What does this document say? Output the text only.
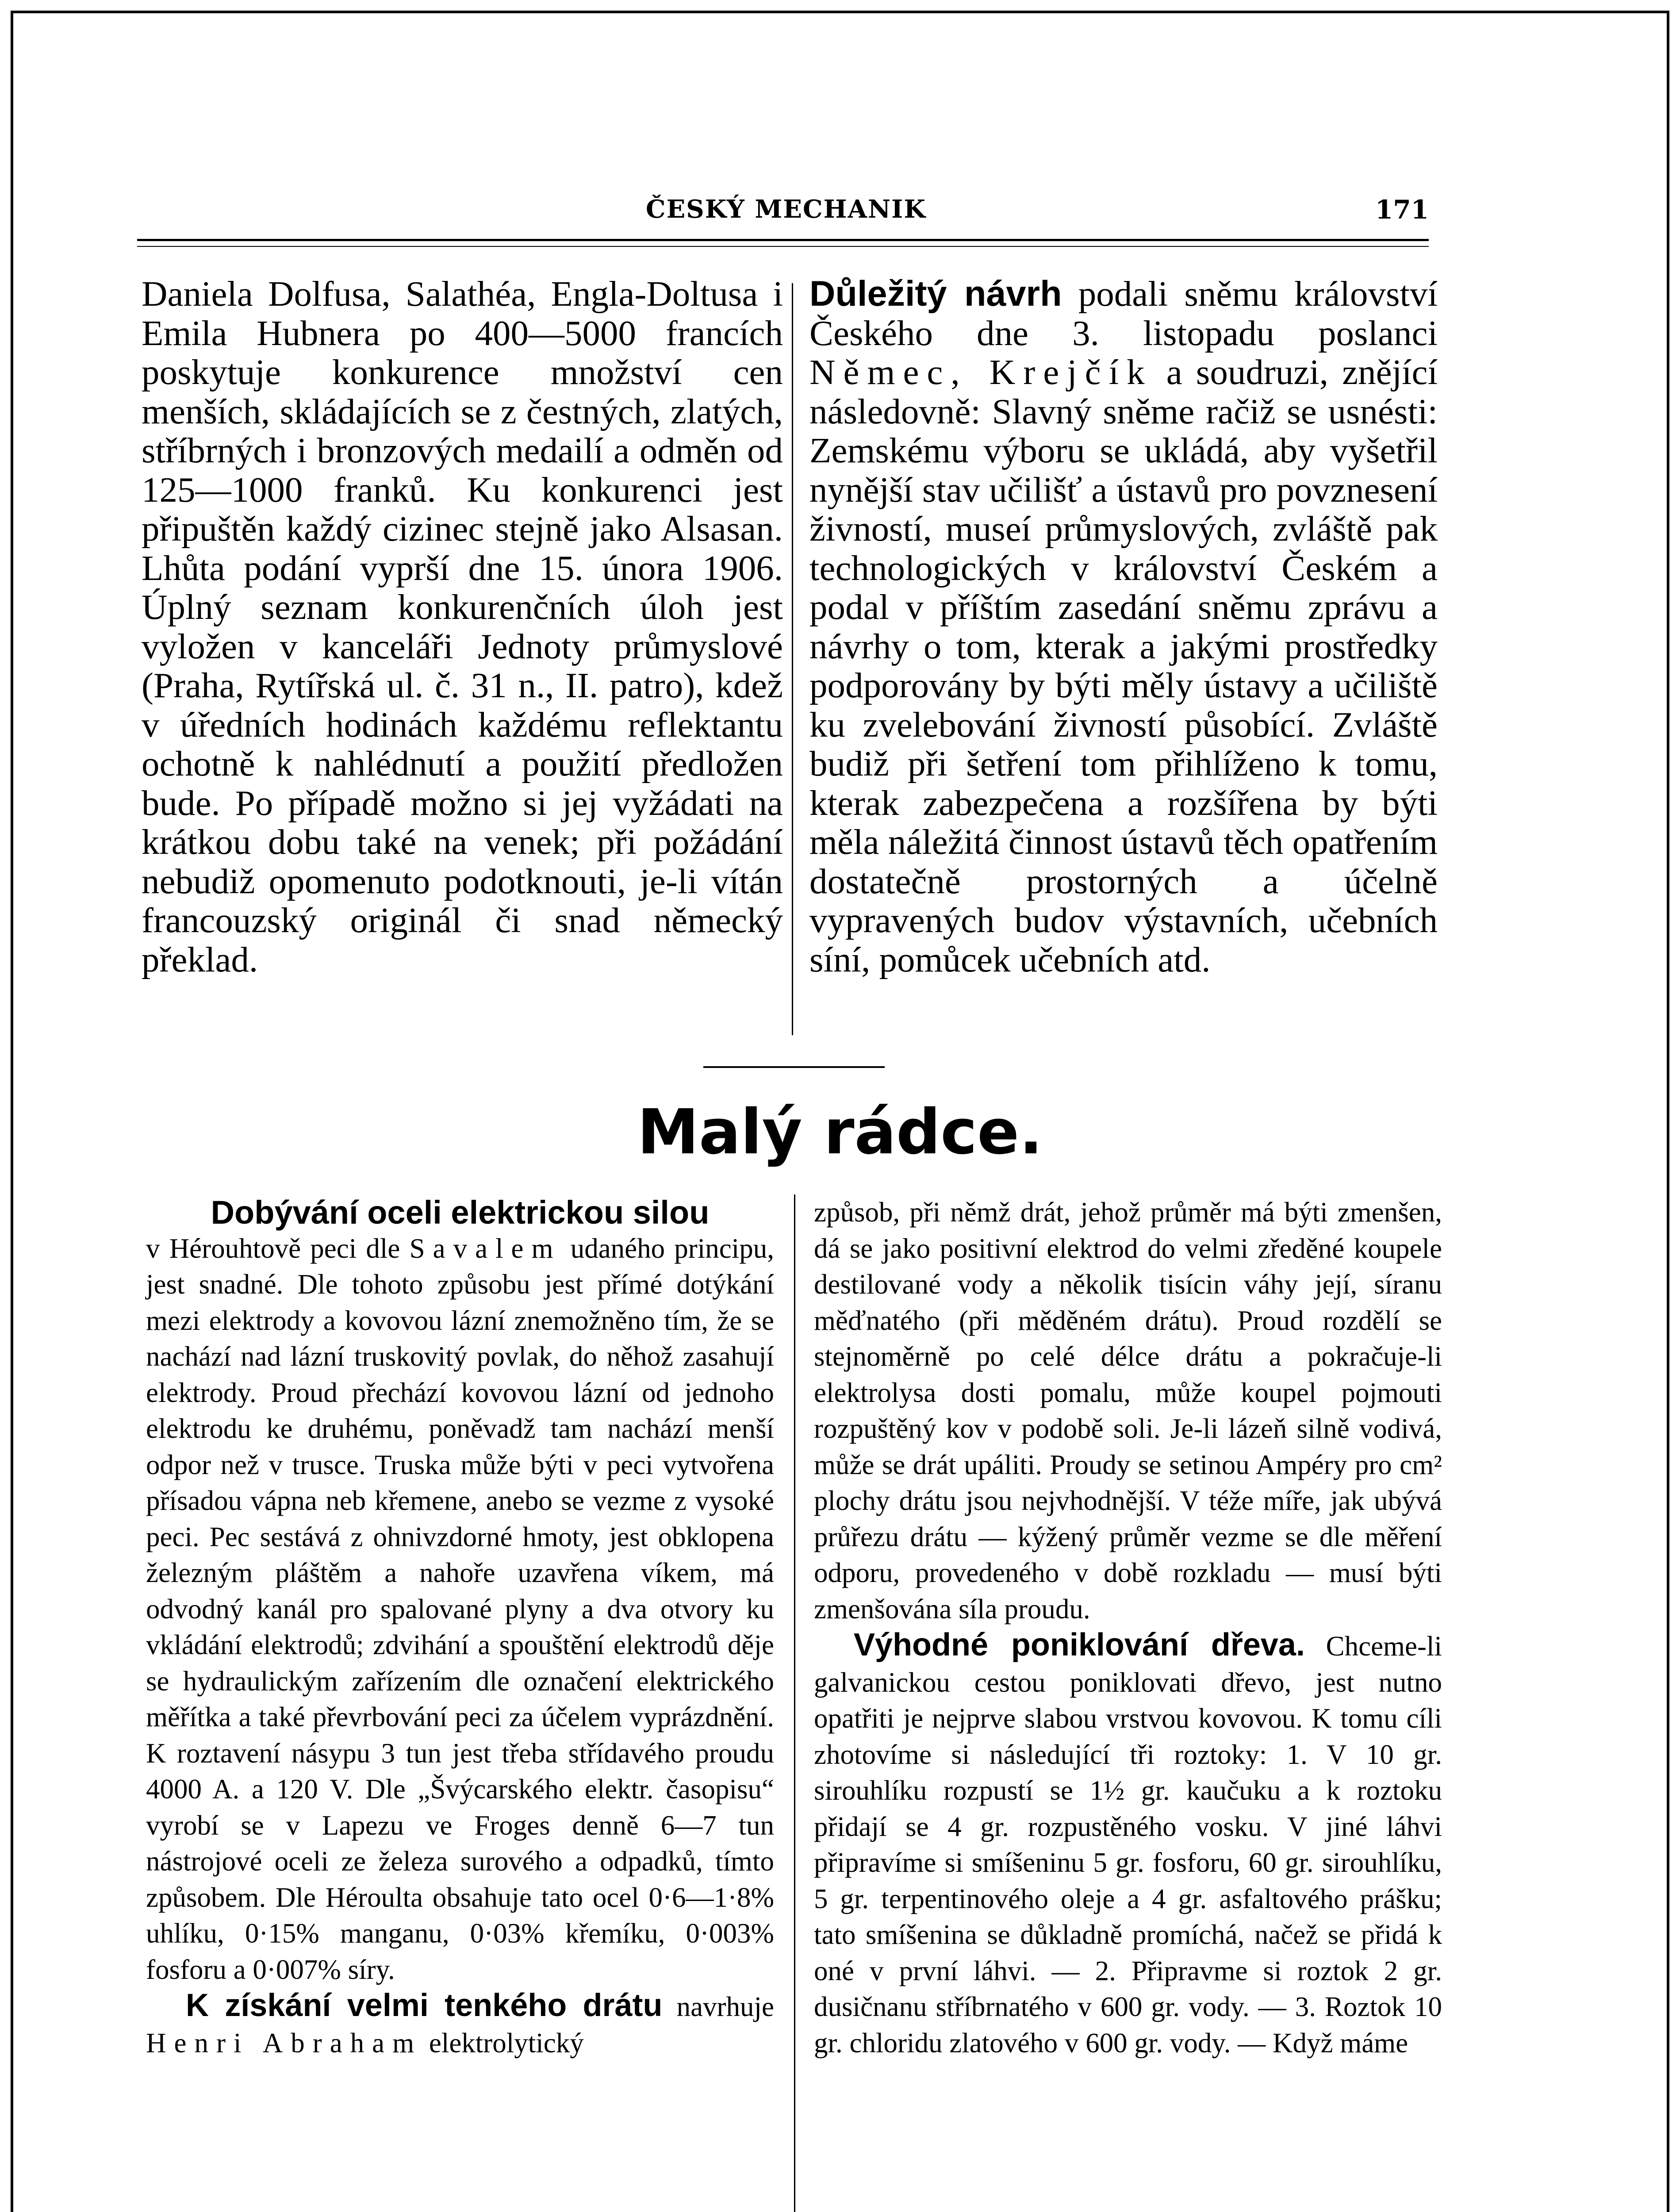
ČESKÝ MECHANIK	171

Daniela Dolfusa, Salathéa, Engla-Doltusa i Emila Hubnera po 400—5000 francích poskytuje konkurence množství cen menších, skládajících se z čestných, zlatých, stříbrných i bronzových medailí a odměn od 125—1000 franků. Ku konkurenci jest připuštěn každý cizinec stejně jako Alsasan. Lhůta podání vyprší dne 15. února 1906. Úplný seznam konkurenčních úloh jest vyložen v kanceláři Jednoty průmyslové (Praha, Rytířská ul. č. 31 n., II. patro), kdež v úředních hodinách každému reflektantu ochotně k nahlédnutí a použití předložen bude. Po případě možno si jej vyžádati na krátkou dobu také na venek; při požádání nebudiž opomenuto podotknouti, je-li vítán francouzský originál či snad německý překlad.

Důležitý návrh podali sněmu království Českého dne 3. listopadu poslanci Němec, Krejčík a soudruzi, znějící následovně: Slavný sněme račiž se usnésti: Zemskému výboru se ukládá, aby vyšetřil nynější stav učilišť a ústavů pro povznesení živností, museí průmyslových, zvláště pak technologických v království Českém a podal v příštím zasedání sněmu zprávu a návrhy o tom, kterak a jakými prostředky podporovány by býti měly ústavy a učiliště ku zvelebování živností působící. Zvláště budiž při šetření tom přihlíženo k tomu, kterak zabezpečena a rozšířena by býti měla náležitá činnost ústavů těch opatřením dostatečně prostorných a účelně vypravených budov výstavních, učebních síní, pomůcek učebních atd.

Malý rádce.
Dobývání oceli elektrickou silou

v Hérouhtově peci dle Savalem udaného principu, jest snadné. Dle tohoto způsobu jest přímé dotýkání mezi elektrody a kovovou lázní znemožněno tím, že se nachází nad lázní truskovitý povlak, do něhož zasahují elektrody. Proud přechází kovovou lázní od jednoho elektrodu ke druhému, poněvadž tam nachází menší odpor než v trusce. Truska může býti v peci vytvořena přísadou vápna neb křemene, anebo se vezme z vysoké peci. Pec sestává z ohnivzdorné hmoty, jest obklopena železným pláštěm a nahoře uzavřena víkem, má odvodný kanál pro spalované plyny a dva otvory ku vkládání elektrodů; zdvihání a spouštění elektrodů děje se hydraulickým zařízením dle označení elektrického měřítka a také převrbování peci za účelem vyprázdnění. K roztavení násypu 3 tun jest třeba střídavého proudu 4000 A. a 120 V. Dle „Švýcarského elektr. časopisu“ vyrobí se v Lapezu ve Froges denně 6—7 tun nástrojové oceli ze železa surového a odpadků, tímto způsobem. Dle Héroulta obsahuje tato ocel 0·6—1·8% uhlíku, 0·15% manganu, 0·03% křemíku, 0·003% fosforu a 0·007% síry.

K získání velmi tenkého drátu navrhuje Henri Abraham elektrolytický

způsob, při němž drát, jehož průměr má býti zmenšen, dá se jako positivní elektrod do velmi zředěné koupele destilované vody a několik tisícin váhy její, síranu měďnatého (při měděném drátu). Proud rozdělí se stejnoměrně po celé délce drátu a pokračuje-li elektrolysa dosti pomalu, může koupel pojmouti rozpuštěný kov v podobě soli. Je-li lázeň silně vodivá, může se drát upáliti. Proudy se setinou Ampéry pro cm² plochy drátu jsou nejvhodnější. V téže míře, jak ubývá průřezu drátu — kýžený průměr vezme se dle měření odporu, provedeného v době rozkladu — musí býti zmenšována síla proudu.

Výhodné poniklování dřeva. Chceme-li galvanickou cestou poniklovati dřevo, jest nutno opatřiti je nejprve slabou vrstvou kovovou. K tomu cíli zhotovíme si následující tři roztoky: 1. V 10 gr. sirouhlíku rozpustí se 1½ gr. kaučuku a k roztoku přidají se 4 gr. rozpustěného vosku. V jiné láhvi připravíme si smíšeninu 5 gr. fosforu, 60 gr. sirouhlíku, 5 gr. terpentinového oleje a 4 gr. asfaltového prášku; tato smíšenina se důkladně promíchá, načež se přidá k oné v první láhvi. — 2. Připravme si roztok 2 gr. dusičnanu stříbrnatého v 600 gr. vody. — 3. Roztok 10 gr. chloridu zlatového v 600 gr. vody. — Když máme
